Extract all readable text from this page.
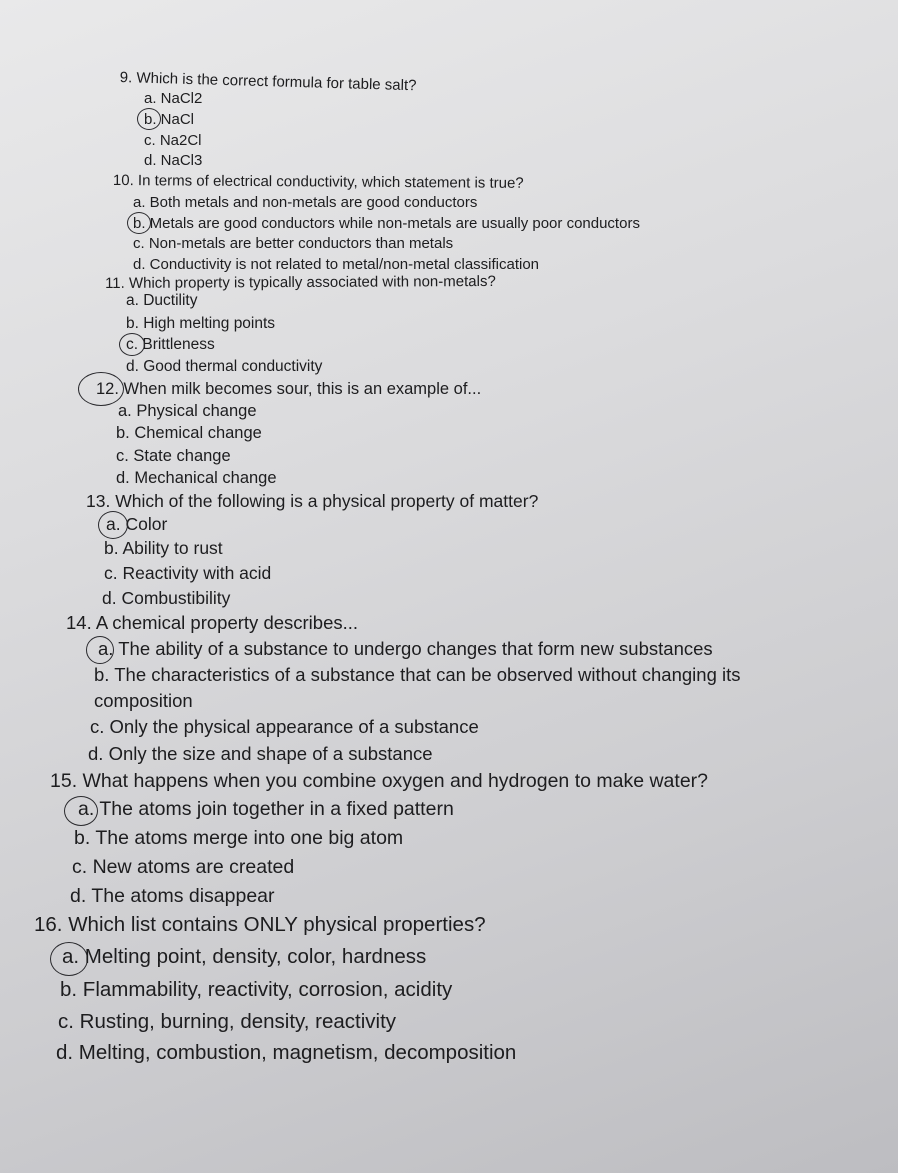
9. Which is the correct formula for table salt?

a. NaCl2

b. NaCl

c. Na2Cl

d. NaCl3

10. In terms of electrical conductivity, which statement is true?

a. Both metals and non-metals are good conductors

b. Metals are good conductors while non-metals are usually poor conductors

c. Non-metals are better conductors than metals

d. Conductivity is not related to metal/non-metal classification

11. Which property is typically associated with non-metals?

a. Ductility

b. High melting points

c. Brittleness

d. Good thermal conductivity

12. When milk becomes sour, this is an example of...

a. Physical change

b. Chemical change

c. State change

d. Mechanical change

13. Which of the following is a physical property of matter?

a. Color

b. Ability to rust

c. Reactivity with acid

d. Combustibility

14. A chemical property describes...

a. The ability of a substance to undergo changes that form new substances

b. The characteristics of a substance that can be observed without changing its

composition

c. Only the physical appearance of a substance

d. Only the size and shape of a substance

15. What happens when you combine oxygen and hydrogen to make water?

a. The atoms join together in a fixed pattern

b. The atoms merge into one big atom

c. New atoms are created

d. The atoms disappear

16. Which list contains ONLY physical properties?

a. Melting point, density, color, hardness

b. Flammability, reactivity, corrosion, acidity

c. Rusting, burning, density, reactivity

d. Melting, combustion, magnetism, decomposition
